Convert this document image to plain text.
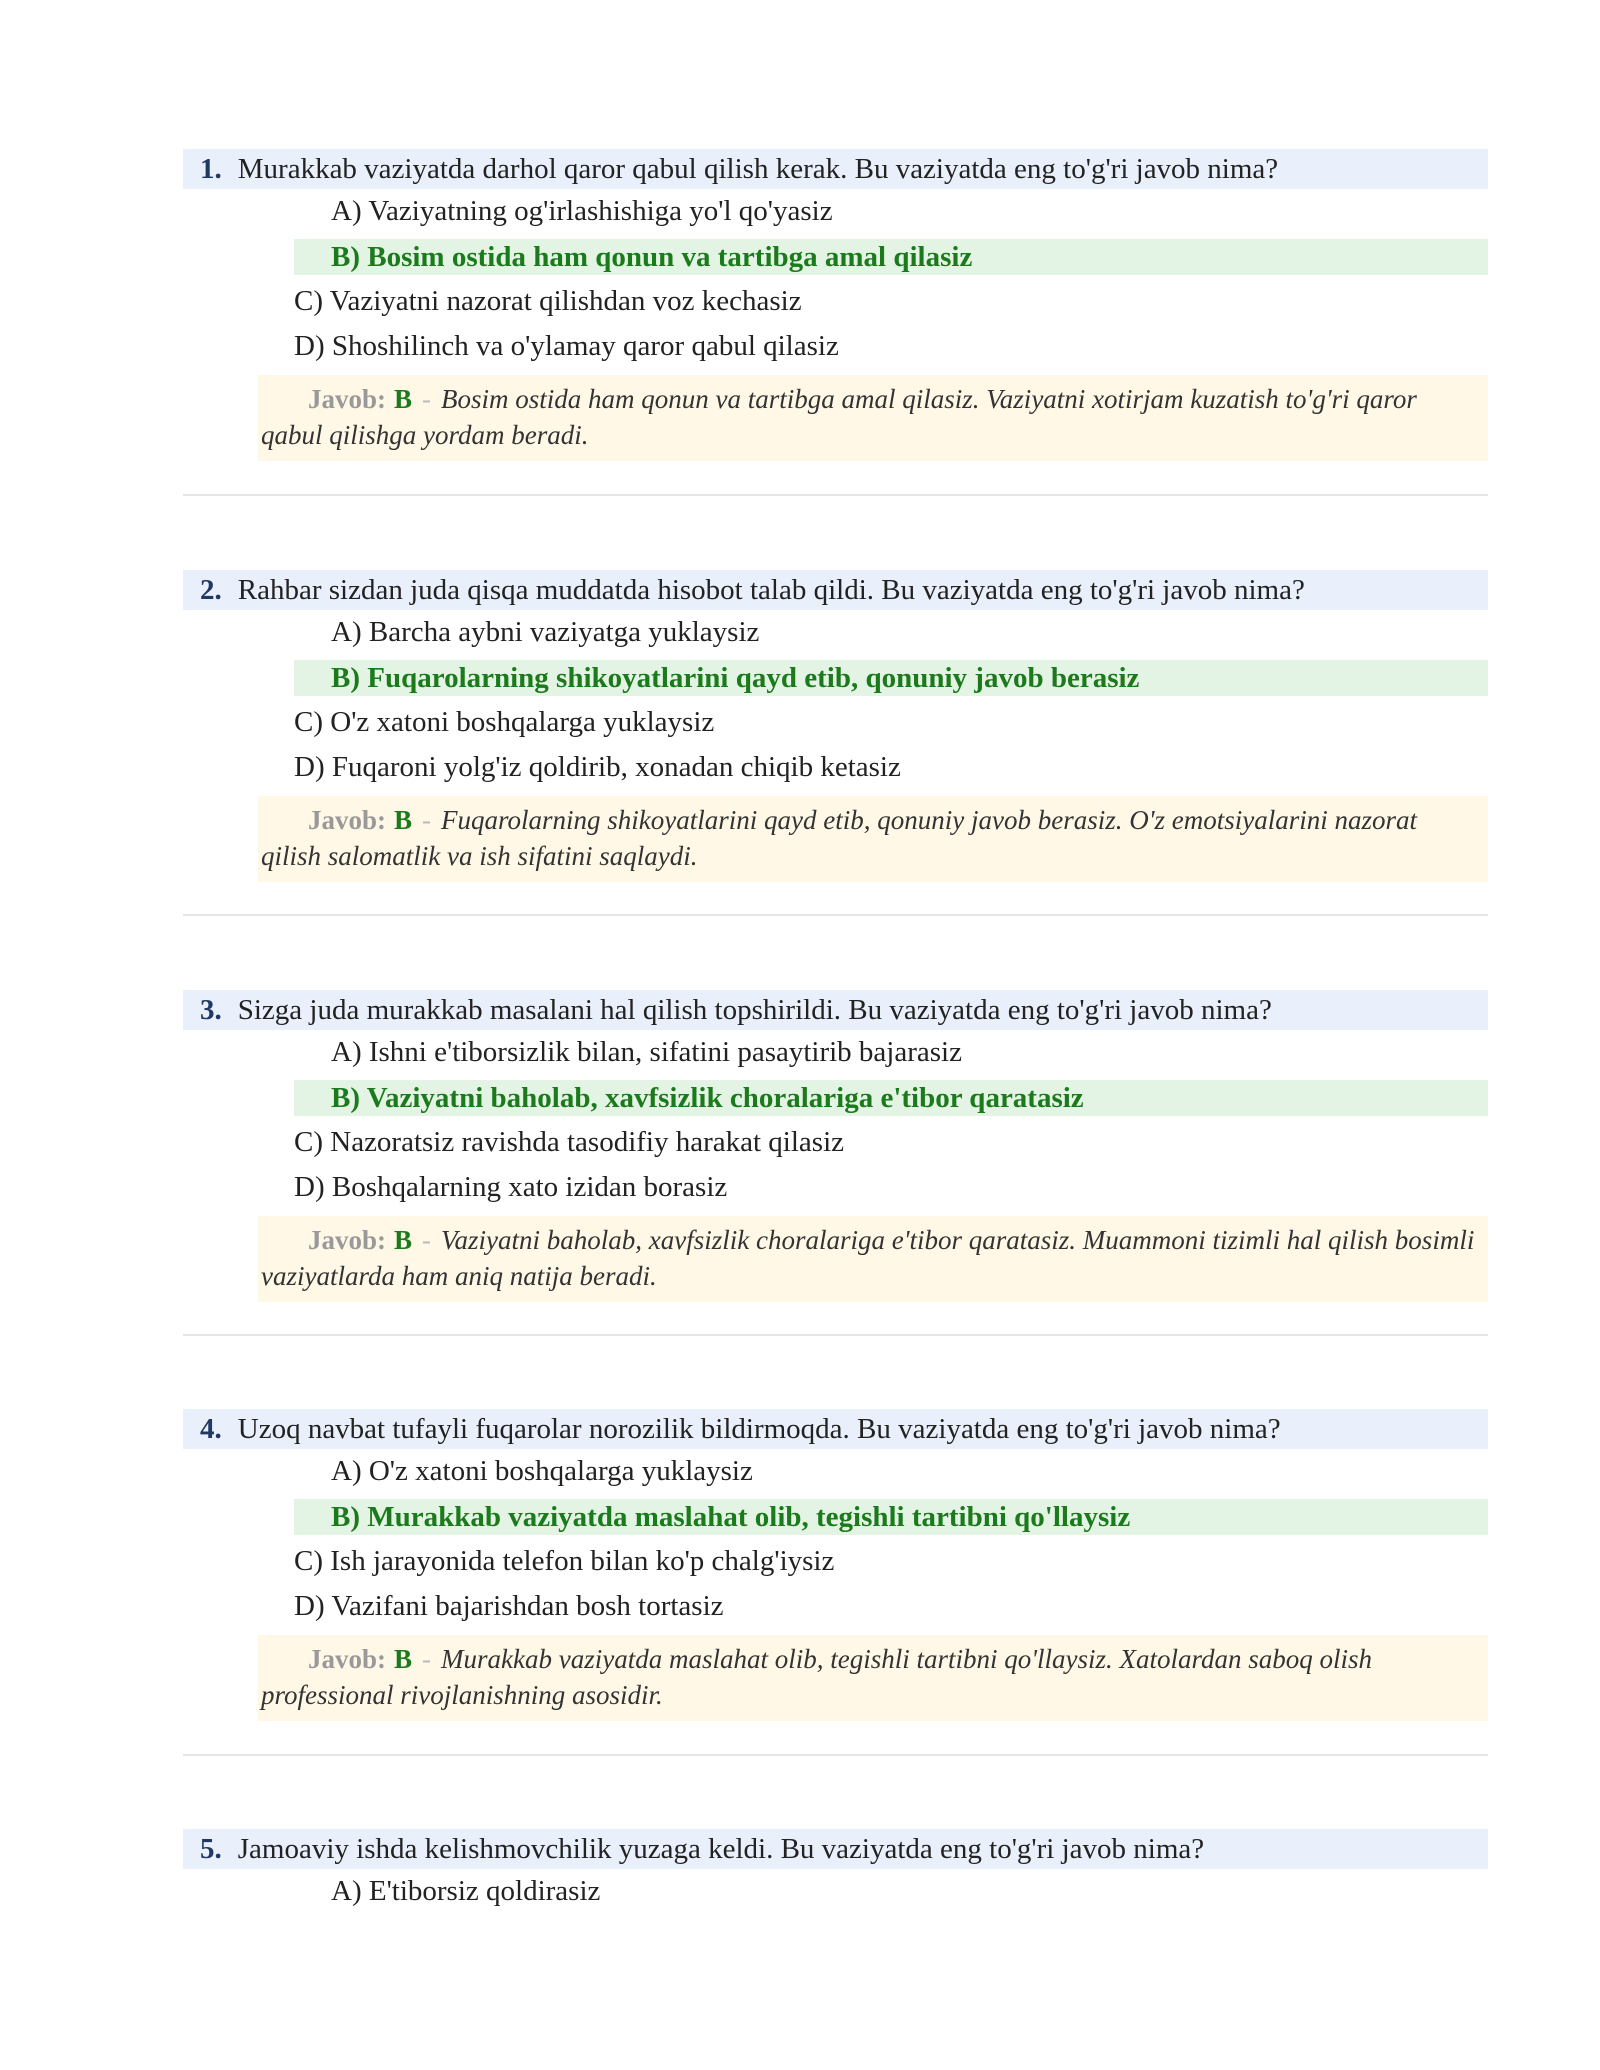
1. Murakkab vaziyatda darhol qaror qabul qilish kerak. Bu vaziyatda eng to'g'ri javob nima?
A) Vaziyatning og'irlashishiga yo'l qo'yasiz
B) Bosim ostida ham qonun va tartibga amal qilasiz
C) Vaziyatni nazorat qilishdan voz kechasiz
D) Shoshilinch va o'ylamay qaror qabul qilasiz
Javob: B - Bosim ostida ham qonun va tartibga amal qilasiz. Vaziyatni xotirjam kuzatish to'g'ri qaror qabul qilishga yordam beradi.
2. Rahbar sizdan juda qisqa muddatda hisobot talab qildi. Bu vaziyatda eng to'g'ri javob nima?
A) Barcha aybni vaziyatga yuklaysiz
B) Fuqarolarning shikoyatlarini qayd etib, qonuniy javob berasiz
C) O'z xatoni boshqalarga yuklaysiz
D) Fuqaroni yolg'iz qoldirib, xonadan chiqib ketasiz
Javob: B - Fuqarolarning shikoyatlarini qayd etib, qonuniy javob berasiz. O'z emotsiyalarini nazorat qilish salomatlik va ish sifatini saqlaydi.
3. Sizga juda murakkab masalani hal qilish topshirildi. Bu vaziyatda eng to'g'ri javob nima?
A) Ishni e'tiborsizlik bilan, sifatini pasaytirib bajarasiz
B) Vaziyatni baholab, xavfsizlik choralariga e'tibor qaratasiz
C) Nazoratsiz ravishda tasodifiy harakat qilasiz
D) Boshqalarning xato izidan borasiz
Javob: B - Vaziyatni baholab, xavfsizlik choralariga e'tibor qaratasiz. Muammoni tizimli hal qilish bosimli vaziyatlarda ham aniq natija beradi.
4. Uzoq navbat tufayli fuqarolar norozilik bildirmoqda. Bu vaziyatda eng to'g'ri javob nima?
A) O'z xatoni boshqalarga yuklaysiz
B) Murakkab vaziyatda maslahat olib, tegishli tartibni qo'llaysiz
C) Ish jarayonida telefon bilan ko'p chalg'iysiz
D) Vazifani bajarishdan bosh tortasiz
Javob: B - Murakkab vaziyatda maslahat olib, tegishli tartibni qo'llaysiz. Xatolardan saboq olish professional rivojlanishning asosidir.
5. Jamoaviy ishda kelishmovchilik yuzaga keldi. Bu vaziyatda eng to'g'ri javob nima?
A) E'tiborsiz qoldirasiz
